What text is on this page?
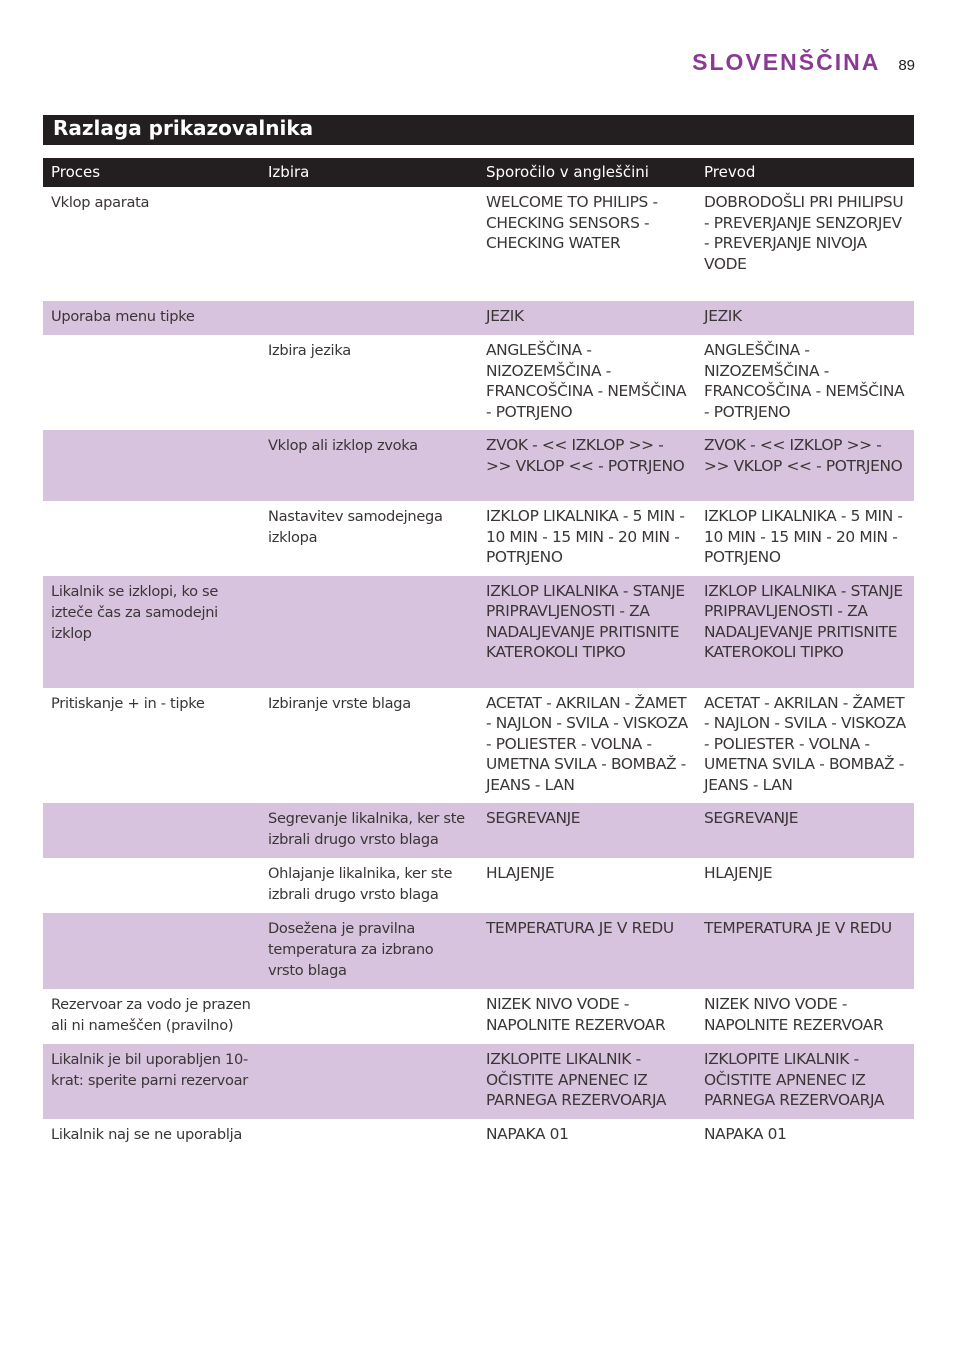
SLOVENŠČINA 89
Razlaga prikazovalnika
Proces	Izbira	Sporočilo v angleščini	Prevod
Vklop aparata		WELCOME TO PHILIPS - CHECKING SENSORS - CHECKING WATER	DOBRODOŠLI PRI PHILIPSU - PREVERJANJE SENZORJEV - PREVERJANJE NIVOJA VODE
Uporaba menu tipke		JEZIK	JEZIK
	Izbira jezika	ANGLEŠČINA - NIZOZEMŠČINA - FRANCOŠČINA - NEMŠČINA - POTRJENO	ANGLEŠČINA - NIZOZEMŠČINA - FRANCOŠČINA - NEMŠČINA - POTRJENO
	Vklop ali izklop zvoka	ZVOK - << IZKLOP >> - >> VKLOP << - POTRJENO	ZVOK - << IZKLOP >> - >> VKLOP << - POTRJENO
	Nastavitev samodejnega izklopa	IZKLOP LIKALNIKA - 5 MIN - 10 MIN - 15 MIN - 20 MIN - POTRJENO	IZKLOP LIKALNIKA - 5 MIN - 10 MIN - 15 MIN - 20 MIN - POTRJENO
Likalnik se izklopi, ko se izteče čas za samodejni izklop		IZKLOP LIKALNIKA - STANJE PRIPRAVLJENOSTI - ZA NADALJEVANJE PRITISNITE KATEROKOLI TIPKO	IZKLOP LIKALNIKA - STANJE PRIPRAVLJENOSTI - ZA NADALJEVANJE PRITISNITE KATEROKOLI TIPKO
Pritiskanje + in - tipke	Izbiranje vrste blaga	ACETAT - AKRILAN - ŽAMET - NAJLON - SVILA - VISKOZA - POLIESTER - VOLNA - UMETNA SVILA - BOMBAŽ - JEANS - LAN	ACETAT - AKRILAN - ŽAMET - NAJLON - SVILA - VISKOZA - POLIESTER - VOLNA - UMETNA SVILA - BOMBAŽ - JEANS - LAN
	Segrevanje likalnika, ker ste izbrali drugo vrsto blaga	SEGREVANJE	SEGREVANJE
	Ohlajanje likalnika, ker ste izbrali drugo vrsto blaga	HLAJENJE	HLAJENJE
	Dosežena je pravilna temperatura za izbrano vrsto blaga	TEMPERATURA JE V REDU	TEMPERATURA JE V REDU
Rezervoar za vodo je prazen ali ni nameščen (pravilno)		NIZEK NIVO VODE - NAPOLNITE REZERVOAR	NIZEK NIVO VODE - NAPOLNITE REZERVOAR
Likalnik je bil uporabljen 10-krat: sperite parni rezervoar		IZKLOPITE LIKALNIK - OČISTITE APNENEC IZ PARNEGA REZERVOARJA	IZKLOPITE LIKALNIK - OČISTITE APNENEC IZ PARNEGA REZERVOARJA
Likalnik naj se ne uporablja		NAPAKA 01	NAPAKA 01
